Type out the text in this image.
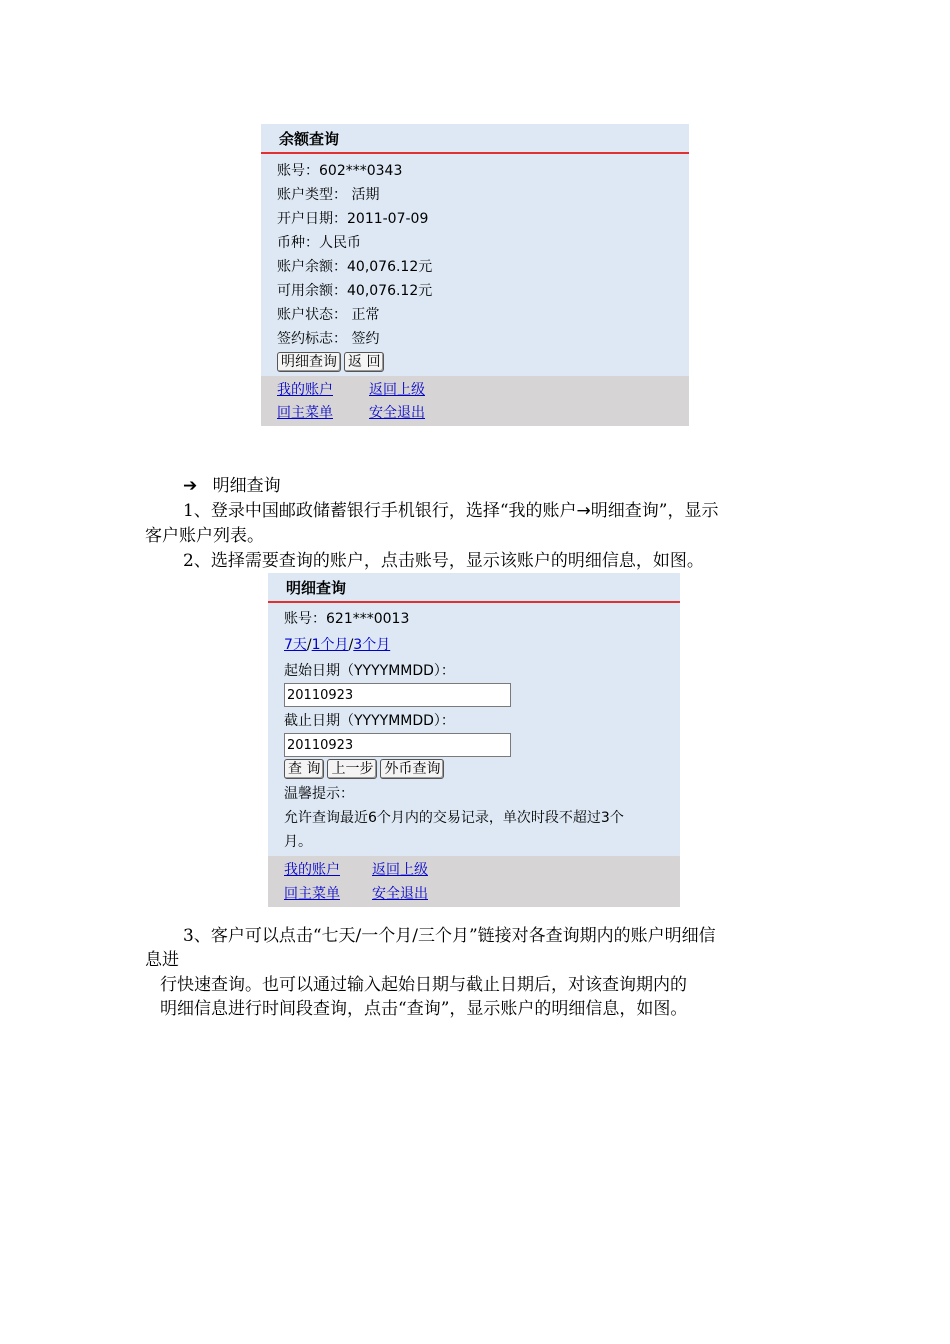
余额查询
账号：602***0343
账户类型： 活期
开户日期：2011-07-09
币种：人民币
账户余额：40,076.12元
可用余额：40,076.12元
账户状态： 正常
签约标志： 签约
明细查询 返 回
我的账户	返回上级
回主菜单	安全退出
➔ 明细查询
1、登录中国邮政储蓄银行手机银行，选择“我的账户→明细查询”，显示
客户账户列表。
2、选择需要查询的账户，点击账号，显示该账户的明细信息，如图。
明细查询
账号：621***0013
7天/1个月/3个月
起始日期（YYYYMMDD）：
20110923
截止日期（YYYYMMDD）：
20110923
查 询 上一步 外币查询
温馨提示：
允许查询最近6个月内的交易记录，单次时段不超过3个
月。
我的账户 返回上级
回主菜单 安全退出
3、客户可以点击“七天/一个月/三个月”链接对各查询期内的账户明细信
息进
行快速查询。也可以通过输入起始日期与截止日期后，对该查询期内的
明细信息进行时间段查询，点击“查询”，显示账户的明细信息，如图。
